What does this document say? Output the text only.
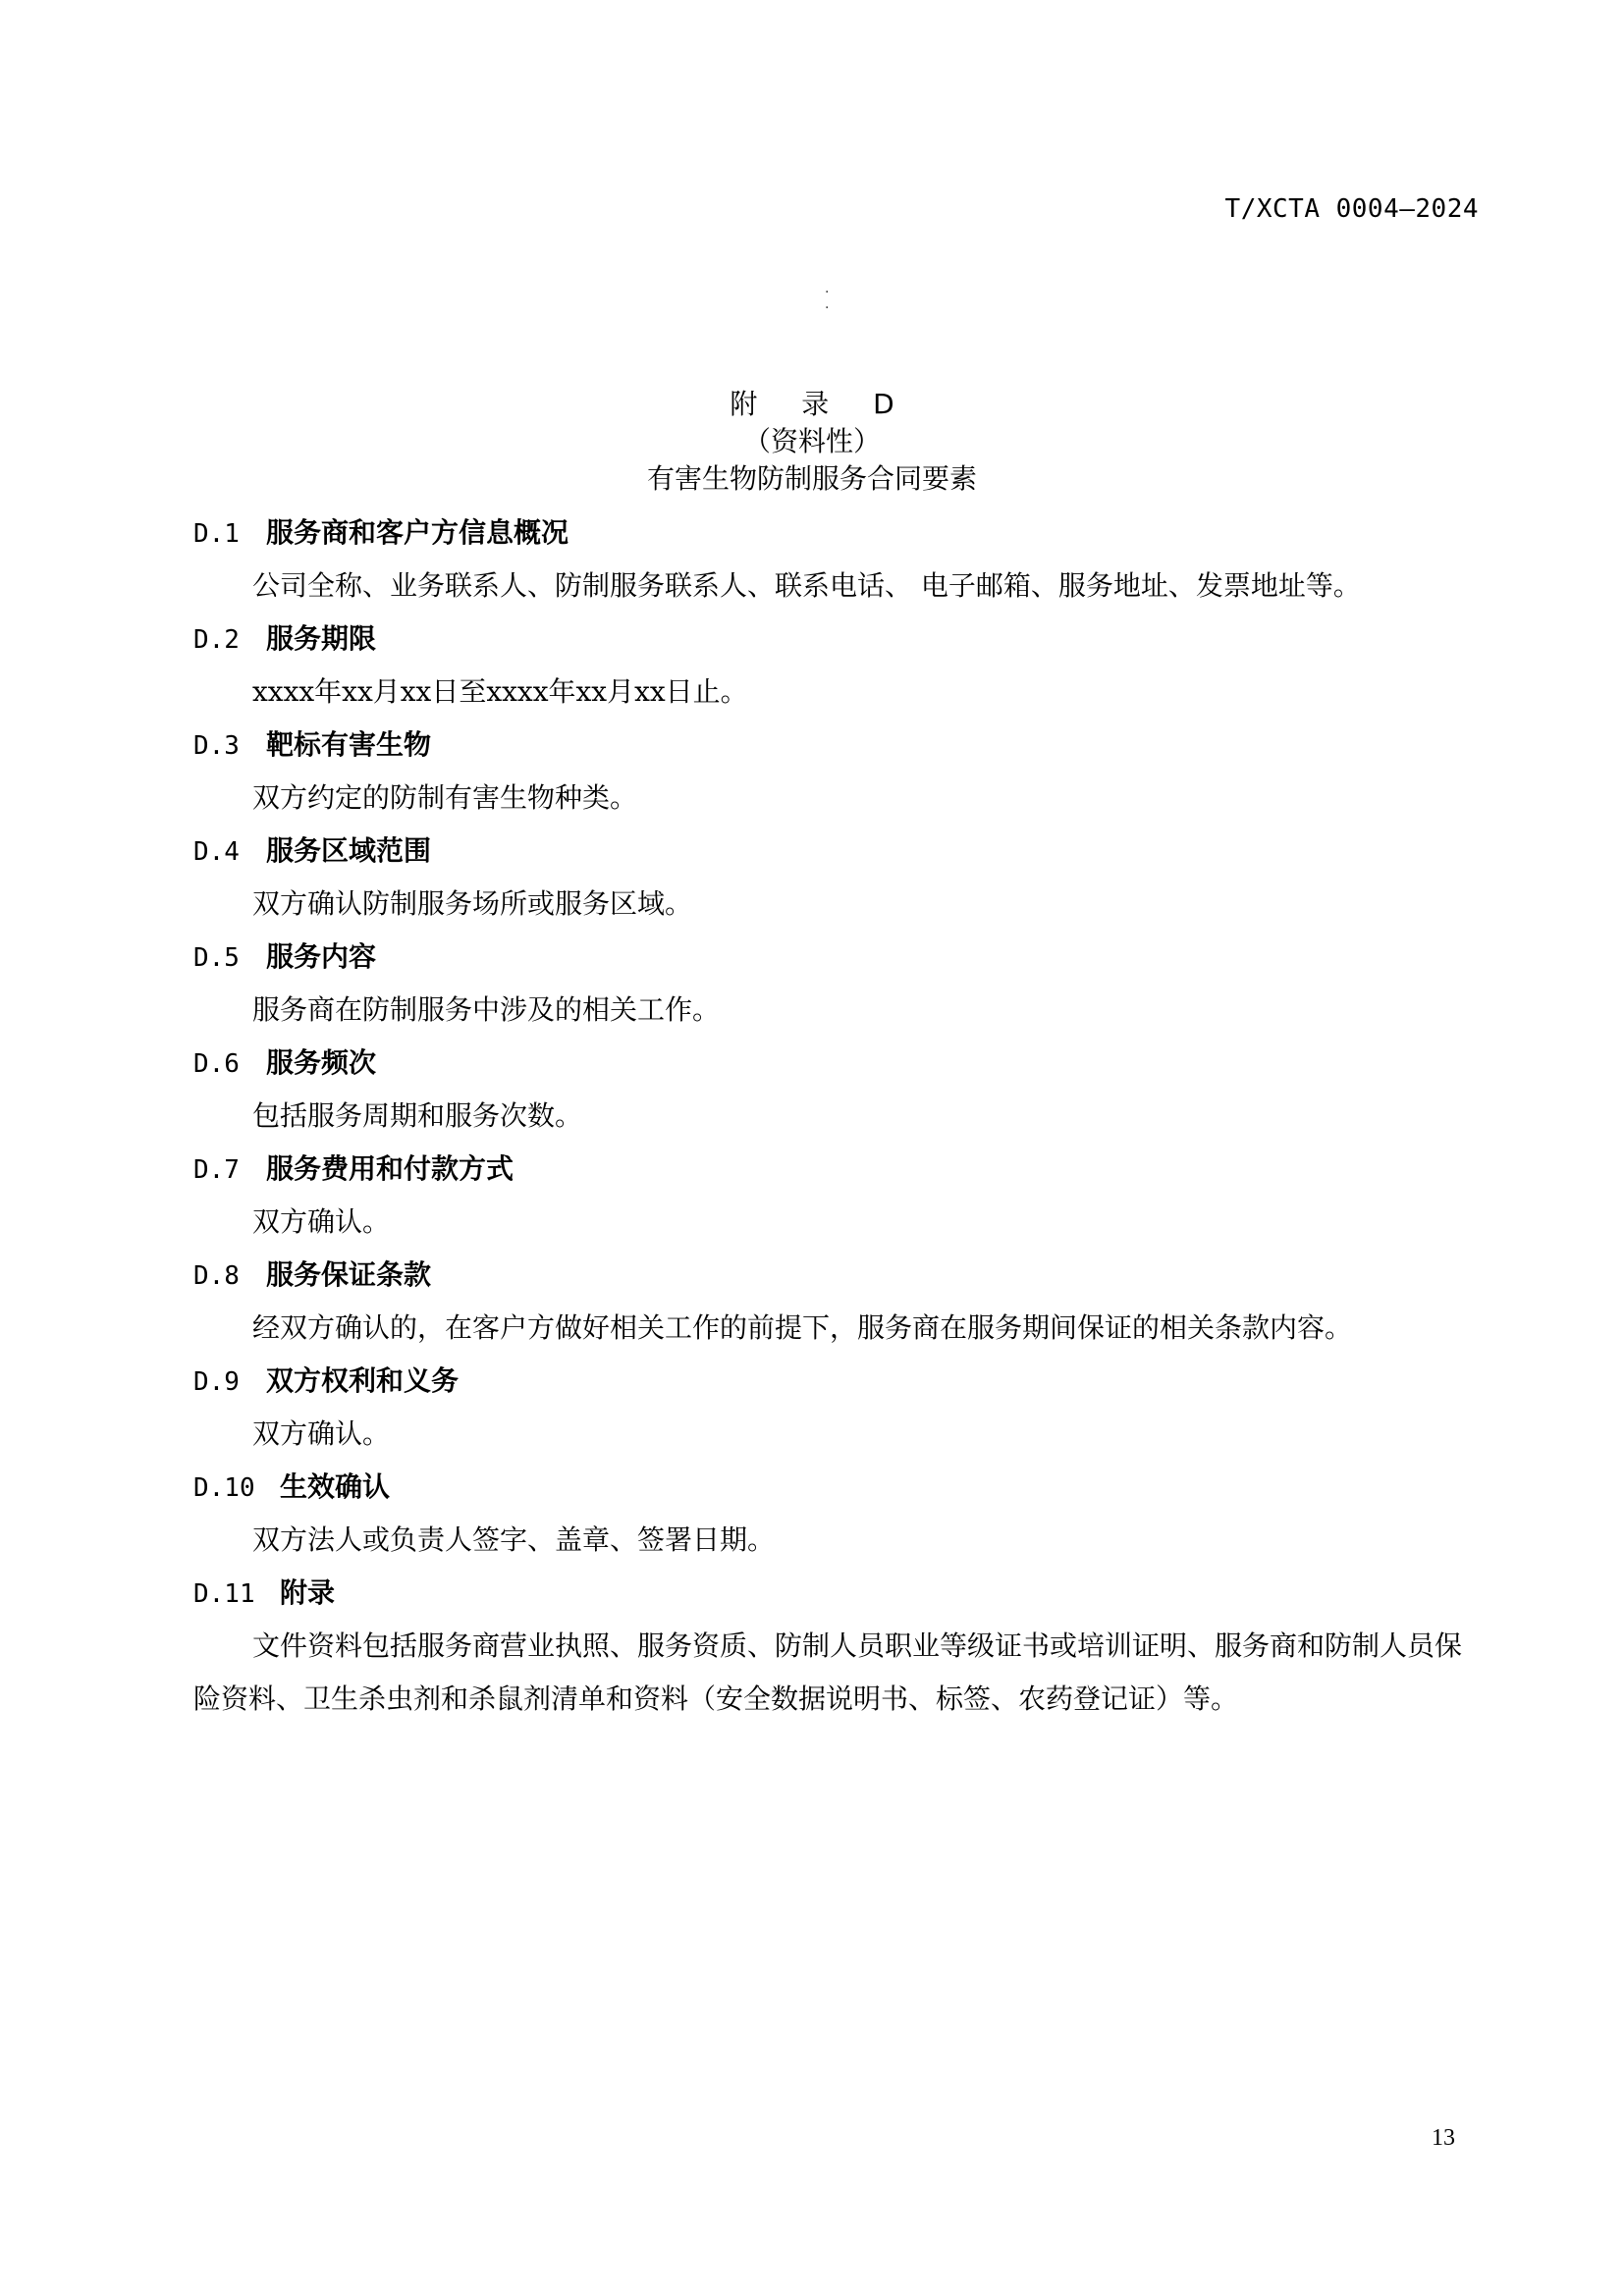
T/XCTA 0004—2024
· ·
附 录 D
（资料性）
有害生物防制服务合同要素
D.1 服务商和客户方信息概况

公司全称、业务联系人、防制服务联系人、联系电话、 电子邮箱、服务地址、发票地址等。

D.2 服务期限

xxxx年xx月xx日至xxxx年xx月xx日止。

D.3 靶标有害生物

双方约定的防制有害生物种类。

D.4 服务区域范围

双方确认防制服务场所或服务区域。

D.5 服务内容

服务商在防制服务中涉及的相关工作。

D.6 服务频次

包括服务周期和服务次数。

D.7 服务费用和付款方式

双方确认。

D.8 服务保证条款

经双方确认的，在客户方做好相关工作的前提下，服务商在服务期间保证的相关条款内容。

D.9 双方权利和义务

双方确认。

D.10 生效确认

双方法人或负责人签字、盖章、签署日期。

D.11 附录

文件资料包括服务商营业执照、服务资质、防制人员职业等级证书或培训证明、服务商和防制人员保险资料、卫生杀虫剂和杀鼠剂清单和资料（安全数据说明书、标签、农药登记证）等。

13
